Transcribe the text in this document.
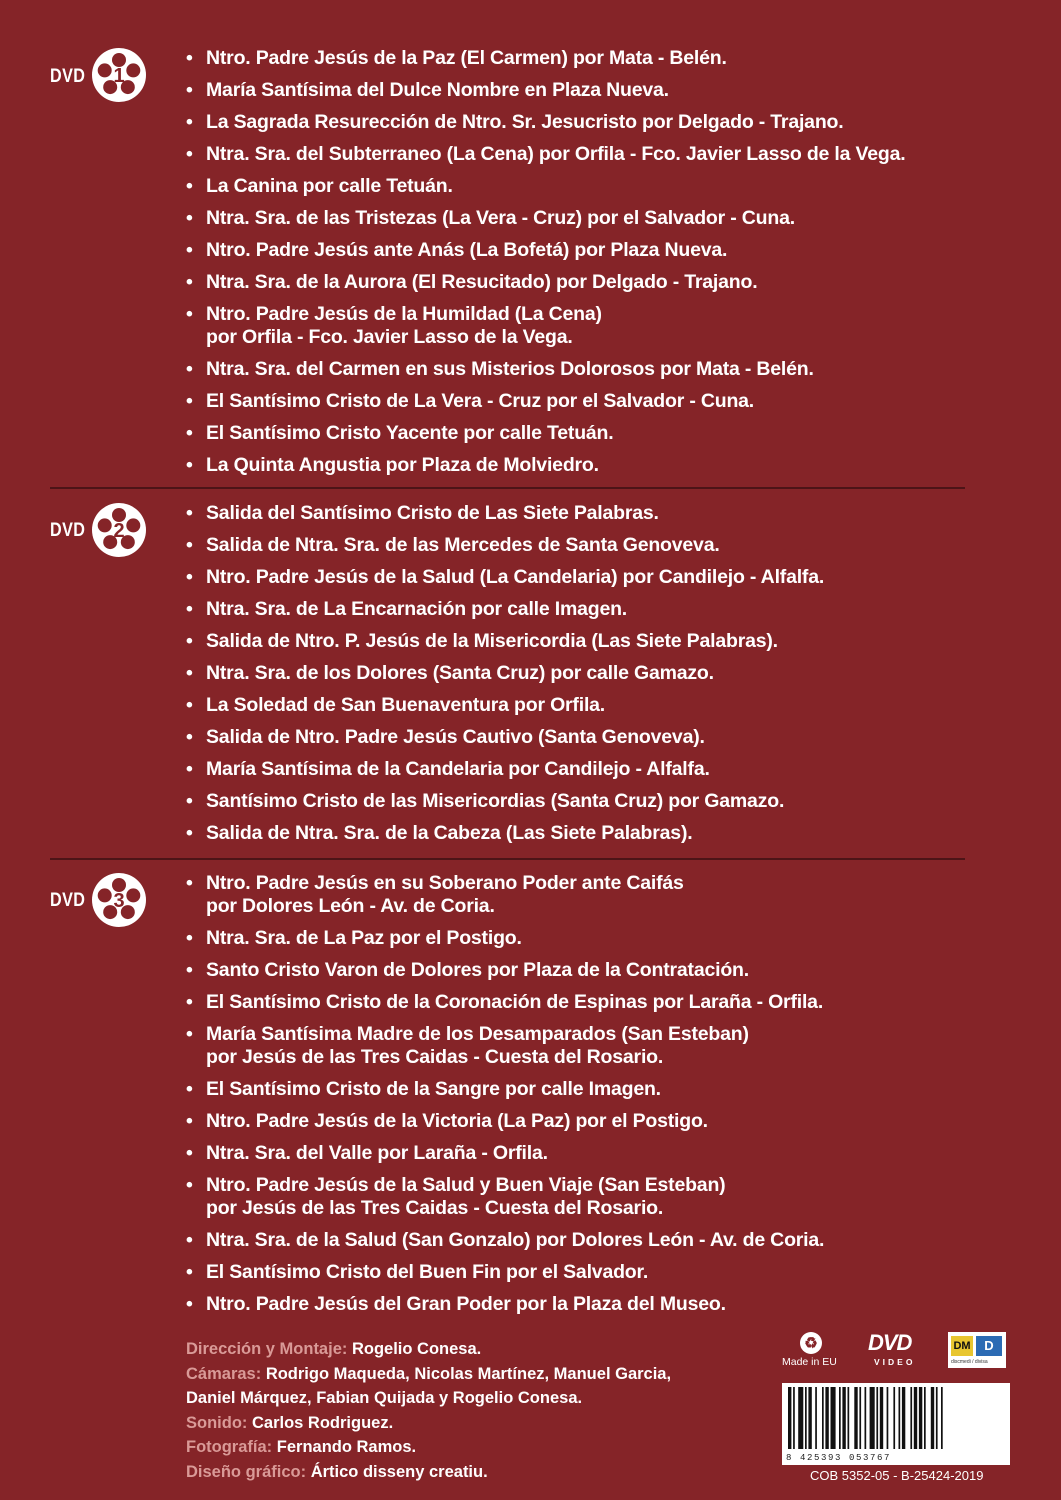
DVD 1
• Ntro. Padre Jesús de la Paz (El Carmen) por Mata - Belén.
• María Santísima del Dulce Nombre en Plaza Nueva.
• La Sagrada Resurección de Ntro. Sr. Jesucristo por Delgado - Trajano.
• Ntra. Sra. del Subterraneo (La Cena) por Orfila - Fco. Javier Lasso de la Vega.
• La Canina por calle Tetuán.
• Ntra. Sra. de las Tristezas (La Vera - Cruz) por el Salvador - Cuna.
• Ntro. Padre Jesús ante Anás (La Bofetá) por Plaza Nueva.
• Ntra. Sra. de la Aurora (El Resucitado) por Delgado - Trajano.
• Ntro. Padre Jesús de la Humildad (La Cena)
por Orfila - Fco. Javier Lasso de la Vega.
• Ntra. Sra. del Carmen en sus Misterios Dolorosos por Mata - Belén.
• El Santísimo Cristo de La Vera - Cruz por el Salvador - Cuna.
• El Santísimo Cristo Yacente por calle Tetuán.
• La Quinta Angustia por Plaza de Molviedro.
DVD 2
• Salida del Santísimo Cristo de Las Siete Palabras.
• Salida de Ntra. Sra. de las Mercedes de Santa Genoveva.
• Ntro. Padre Jesús de la Salud (La Candelaria) por Candilejo - Alfalfa.
• Ntra. Sra. de La Encarnación por calle Imagen.
• Salida de Ntro. P. Jesús de la Misericordia (Las Siete Palabras).
• Ntra. Sra. de los Dolores (Santa Cruz) por calle Gamazo.
• La Soledad de San Buenaventura por Orfila.
• Salida de Ntro. Padre Jesús Cautivo (Santa Genoveva).
• María Santísima de la Candelaria por Candilejo - Alfalfa.
• Santísimo Cristo de las Misericordias (Santa Cruz) por Gamazo.
• Salida de Ntra. Sra. de la Cabeza (Las Siete Palabras).
DVD 3
• Ntro. Padre Jesús en su Soberano Poder ante Caifás
por Dolores León - Av. de Coria.
• Ntra. Sra. de La Paz por el Postigo.
• Santo Cristo Varon de Dolores por Plaza de la Contratación.
• El Santísimo Cristo de la Coronación de Espinas por Laraña - Orfila.
• María Santísima Madre de los Desamparados (San Esteban)
por Jesús de las Tres Caidas - Cuesta del Rosario.
• El Santísimo Cristo de la Sangre por calle Imagen.
• Ntro. Padre Jesús de la Victoria (La Paz) por el Postigo.
• Ntra. Sra. del Valle por Laraña - Orfila.
• Ntro. Padre Jesús de la Salud y Buen Viaje (San Esteban)
por Jesús de las Tres Caidas - Cuesta del Rosario.
• Ntra. Sra. de la Salud (San Gonzalo) por Dolores León - Av. de Coria.
• El Santísimo Cristo del Buen Fin por el Salvador.
• Ntro. Padre Jesús del Gran Poder por la Plaza del Museo.
Dirección y Montaje: Rogelio Conesa.
Cámaras: Rodrigo Maqueda, Nicolas Martínez, Manuel Garcia,
Daniel Márquez, Fabian Quijada y Rogelio Conesa.
Sonido: Carlos Rodriguez.
Fotografía: Fernando Ramos.
Diseño gráfico: Ártico disseny creatiu.
♻
Made in EU
DVD
VIDEO
DM	D
discmedi / divisa
8 425393 053767
COB 5352-05 - B-25424-2019
